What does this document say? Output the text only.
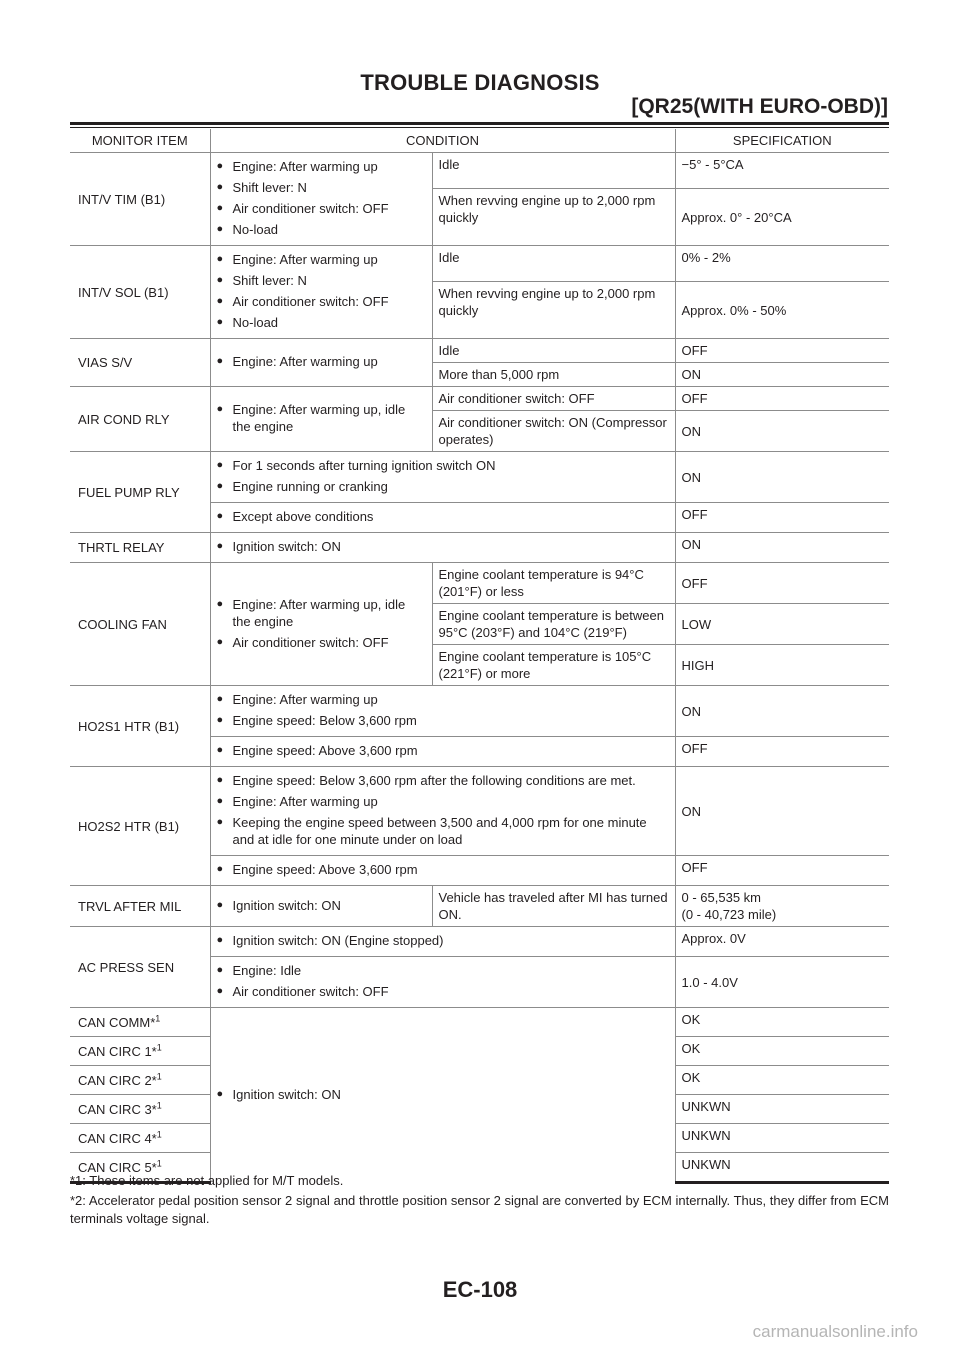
TROUBLE DIAGNOSIS
[QR25(WITH EURO-OBD)]
MONITOR ITEM	CONDITION		SPECIFICATION
INT/V TIM (B1)	● Engine: After warming up
● Shift lever: N
● Air conditioner switch: OFF
● No-load	Idle	−5° - 5°CA
		When revving engine up to 2,000 rpm quickly	Approx. 0° - 20°CA
INT/V SOL (B1)	● Engine: After warming up
● Shift lever: N
● Air conditioner switch: OFF
● No-load	Idle	0% - 2%
		When revving engine up to 2,000 rpm quickly	Approx. 0% - 50%
VIAS S/V	● Engine: After warming up	Idle	OFF
		More than 5,000 rpm	ON
AIR COND RLY	● Engine: After warming up, idle the engine	Air conditioner switch: OFF	OFF
		Air conditioner switch: ON (Compressor operates)	ON
FUEL PUMP RLY	● For 1 seconds after turning ignition switch ON
● Engine running or cranking		ON

	● Except above conditions		OFF
THRTL RELAY	● Ignition switch: ON		ON
COOLING FAN	● Engine: After warming up, idle the engine
● Air conditioner switch: OFF	Engine coolant temperature is 94°C (201°F) or less	OFF
		Engine coolant temperature is between 95°C (203°F) and 104°C (219°F)	LOW
		Engine coolant temperature is 105°C (221°F) or more	HIGH
HO2S1 HTR (B1)	● Engine: After warming up
● Engine speed: Below 3,600 rpm		ON

	● Engine speed: Above 3,600 rpm		OFF
HO2S2 HTR (B1)	● Engine speed: Below 3,600 rpm after the following conditions are met.
● Engine: After warming up
● Keeping the engine speed between 3,500 and 4,000 rpm for one minute and at idle for one minute under on load		ON

	● Engine speed: Above 3,600 rpm		OFF
TRVL AFTER MIL	● Ignition switch: ON	Vehicle has traveled after MI has turned ON.	0 - 65,535 km
(0 - 40,723 mile)

AC PRESS SEN	● Ignition switch: ON (Engine stopped)		Approx. 0V

	● Engine: Idle
● Air conditioner switch: OFF		1.0 - 4.0V
CAN COMM*$^1$	● Ignition switch: ON		OK
CAN CIRC 1*$^1$			OK
CAN CIRC 2*$^1$			OK
CAN CIRC 3*$^1$			UNKWN
CAN CIRC 4*$^1$			UNKWN
CAN CIRC 5*$^1$			UNKWN

*1: These items are not applied for M/T models.

*2: Accelerator pedal position sensor 2 signal and throttle position sensor 2 signal are converted by ECM internally. Thus, they differ from ECM terminals voltage signal.

EC-108
carmanualsonline.info
